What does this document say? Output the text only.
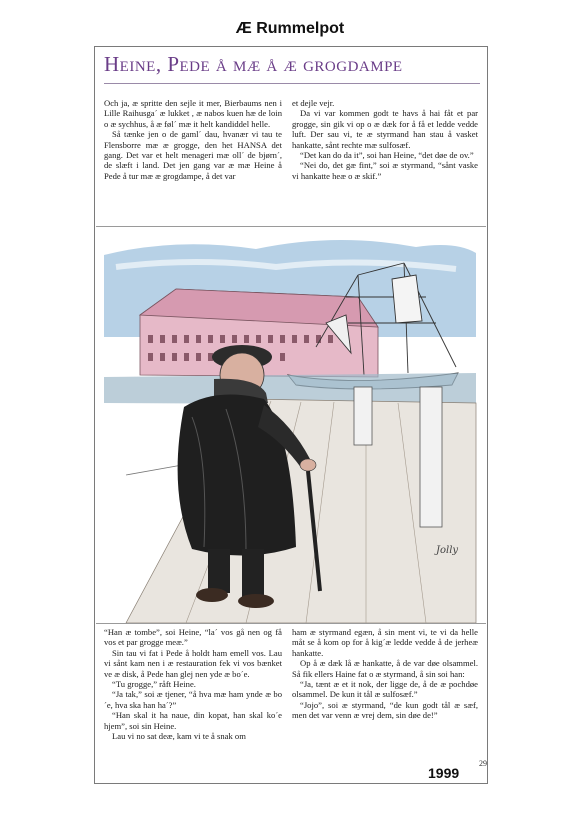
Æ Rummelpot
Heine, Pede å mæ å æ grogdampe

Och ja, æ spritte den sejle it mer, Bierbaums nen i Lille Raihusga´ æ lukket , æ nabos kuen hæ de loin o æ sychhus, å æ føl´ mæ it helt kandiddel helle.

Så tænke jen o de gaml´ dau, hvanær vi tau te Flensborre mæ æ grogge, den het HANSA det gang. Det var et helt menageri mæ oll´ de bjørn´, de slæft i land. Det jen gang var æ mæ Heine å Pede å tur mæ æ grogdampe, å det var

et dejle vejr.

Da vi var kommen godt te havs å hai fåt et par grogge, sin gik vi op o æ dæk for å få et ledde vedde luft. Der sau vi, te æ styrmand han stau å vasket hankatte, sånt rechte mæ sulfosæf.

“Det kan do da it”, soi han Heine, “det døe de ov.”

“Nei do, det gæ fint,” soi æ styrmand, “sånt vaske vi hankatte heæ o æ skif.”

Jolly

“Han æ tombe”, soi Heine, “la´ vos gå nen og få vos et par grogge meæ.”

Sin tau vi fat i Pede å holdt ham emell vos. Lau vi sånt kam nen i æ restauration fek vi vos bænket ve æ disk, å Pede han glej nen yde æ bo´e.

“Tu grogge,” råft Heine.

“Ja tak,” soi æ tjener, “å hva mæ ham ynde æ bo´e, hva ska han ha´?”

“Han skal it ha naue, din kopat, han skal ko´e hjem”, soi sin Heine.

Lau vi no sat deæ, kam vi te å snak om

ham æ styrmand egæn, å sin ment vi, te vi da helle måt se å kom op for å kig´æ ledde vedde å de jerheæ hankatte.

Op å æ dæk lå æ hankatte, å de var døe olsammel. Så fik ellers Haine fat o æ styrmand, å sin soi han:

“Ja, tænt æ et it nok, der ligge de, å de æ pochdøe olsammel. De kun it tål æ sulfosæf.”

“Jojo”, soi æ styrmand, “de kun godt tål æ sæf, men det var venn æ vrej dem, sin døe de!”

1999
29
